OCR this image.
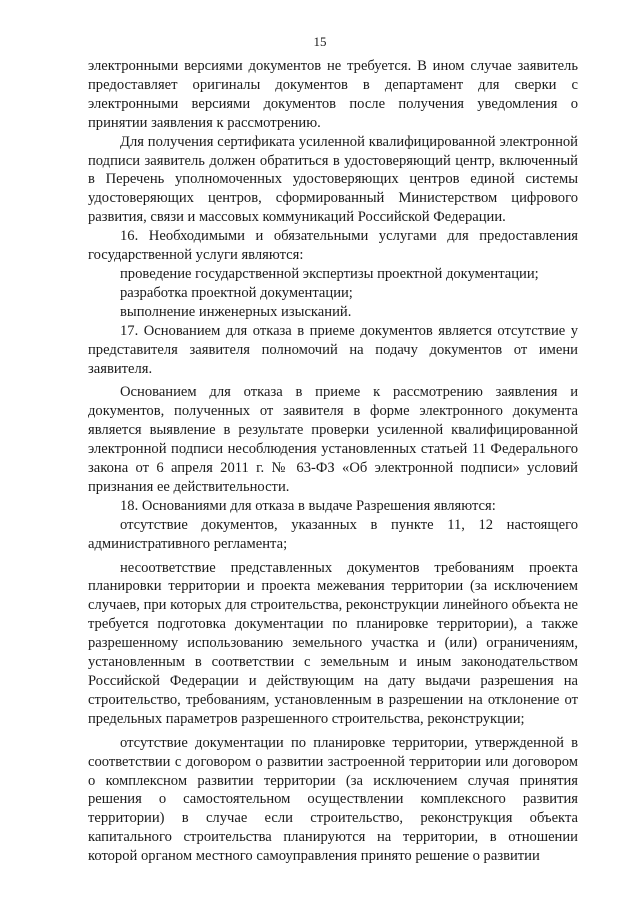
15

электронными версиями документов не требуется. В ином случае заявитель предоставляет оригиналы документов в департамент для сверки с электронными версиями документов после получения уведомления о принятии заявления к рассмотрению.

Для получения сертификата усиленной квалифицированной электронной подписи заявитель должен обратиться в удостоверяющий центр, включенный в Перечень уполномоченных удостоверяющих центров единой системы удостоверяющих центров, сформированный Министерством цифрового развития, связи и массовых коммуникаций Российской Федерации.

16. Необходимыми и обязательными услугами для предоставления государственной услуги являются:

проведение государственной экспертизы проектной документации;

разработка проектной документации;

выполнение инженерных изысканий.

17. Основанием для отказа в приеме документов является отсутствие у представителя заявителя полномочий на подачу документов от имени заявителя.

Основанием для отказа в приеме к рассмотрению заявления и документов, полученных от заявителя в форме электронного документа является выявление в результате проверки усиленной квалифицированной электронной подписи несоблюдения установленных статьей 11 Федерального закона от 6 апреля 2011 г. № 63-ФЗ «Об электронной подписи» условий признания ее действительности.

18. Основаниями для отказа в выдаче Разрешения являются:

отсутствие документов, указанных в пункте 11, 12 настоящего административного регламента;

несоответствие представленных документов требованиям проекта планировки территории и проекта межевания территории (за исключением случаев, при которых для строительства, реконструкции линейного объекта не требуется подготовка документации по планировке территории), а также разрешенному использованию земельного участка и (или) ограничениям, установленным в соответствии с земельным и иным законодательством Российской Федерации и действующим на дату выдачи разрешения на строительство, требованиям, установленным в разрешении на отклонение от предельных параметров разрешенного строительства, реконструкции;

отсутствие документации по планировке территории, утвержденной в соответствии с договором о развитии застроенной территории или договором о комплексном развитии территории (за исключением случая принятия решения о самостоятельном осуществлении комплексного развития территории) в случае если строительство, реконструкция объекта капитального строительства планируются на территории, в отношении которой органом местного самоуправления принято решение о развитии
